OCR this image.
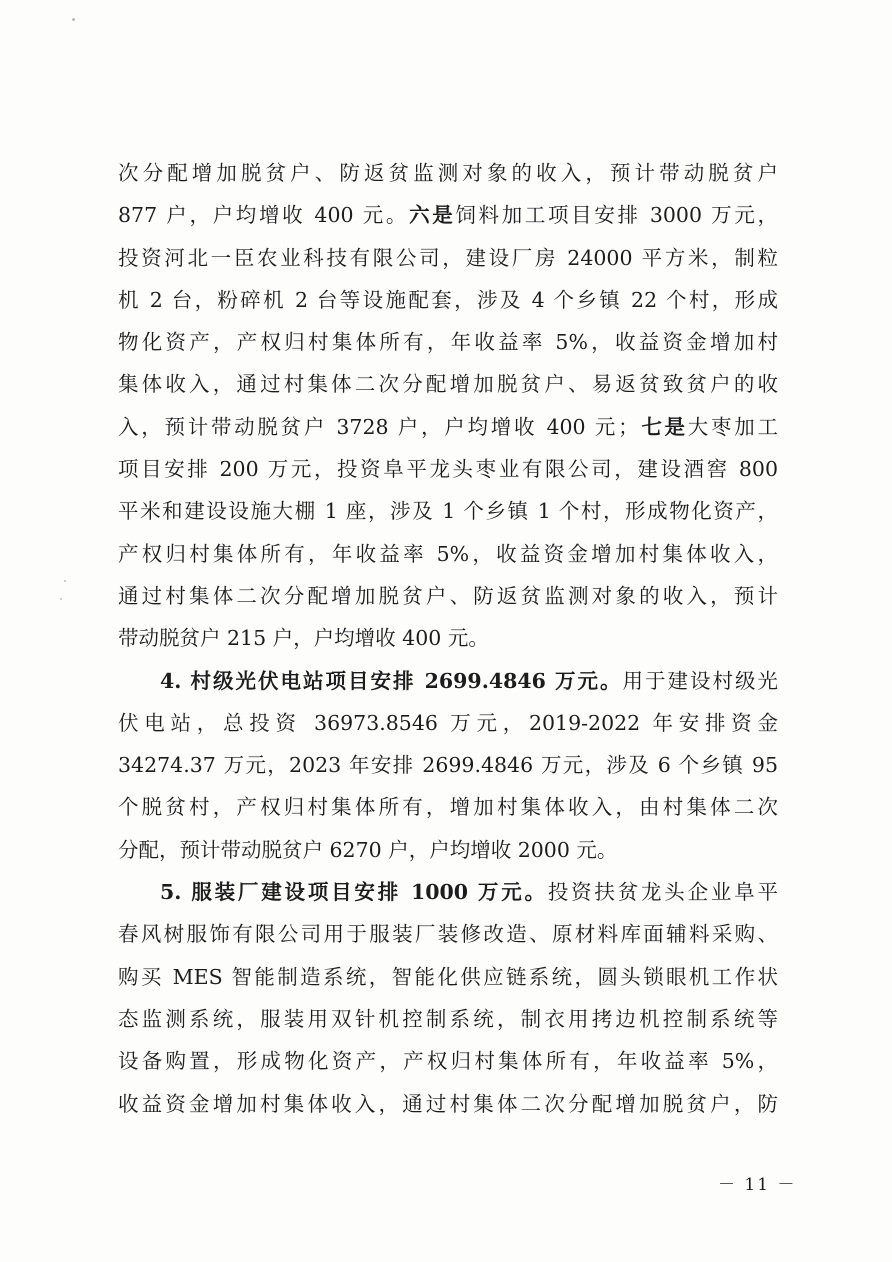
次分配增加脱贫户、防返贫监测对象的收入，预计带动脱贫户
877 户，户均增收 400 元。六是饲料加工项目安排 3000 万元，
投资河北一臣农业科技有限公司，建设厂房 24000 平方米，制粒
机 2 台，粉碎机 2 台等设施配套，涉及 4 个乡镇 22 个村，形成
物化资产，产权归村集体所有，年收益率 5%，收益资金增加村
集体收入，通过村集体二次分配增加脱贫户、易返贫致贫户的收
入，预计带动脱贫户 3728 户，户均增收 400 元；七是大枣加工
项目安排 200 万元，投资阜平龙头枣业有限公司，建设酒窖 800
平米和建设设施大棚 1 座，涉及 1 个乡镇 1 个村，形成物化资产，
产权归村集体所有，年收益率 5%，收益资金增加村集体收入，
通过村集体二次分配增加脱贫户、防返贫监测对象的收入，预计
带动脱贫户 215 户，户均增收 400 元。
4. 村级光伏电站项目安排 2699.4846 万元。用于建设村级光
伏电站，总投资 36973.8546 万元，2019-2022 年安排资金
34274.37 万元，2023 年安排 2699.4846 万元，涉及 6 个乡镇 95
个脱贫村，产权归村集体所有，增加村集体收入，由村集体二次
分配，预计带动脱贫户 6270 户，户均增收 2000 元。
5. 服装厂建设项目安排 1000 万元。投资扶贫龙头企业阜平
春风树服饰有限公司用于服装厂装修改造、原材料库面辅料采购、
购买 MES 智能制造系统，智能化供应链系统，圆头锁眼机工作状
态监测系统，服装用双针机控制系统，制衣用拷边机控制系统等
设备购置，形成物化资产，产权归村集体所有，年收益率 5%，
收益资金增加村集体收入，通过村集体二次分配增加脱贫户，防
－ 11 －
